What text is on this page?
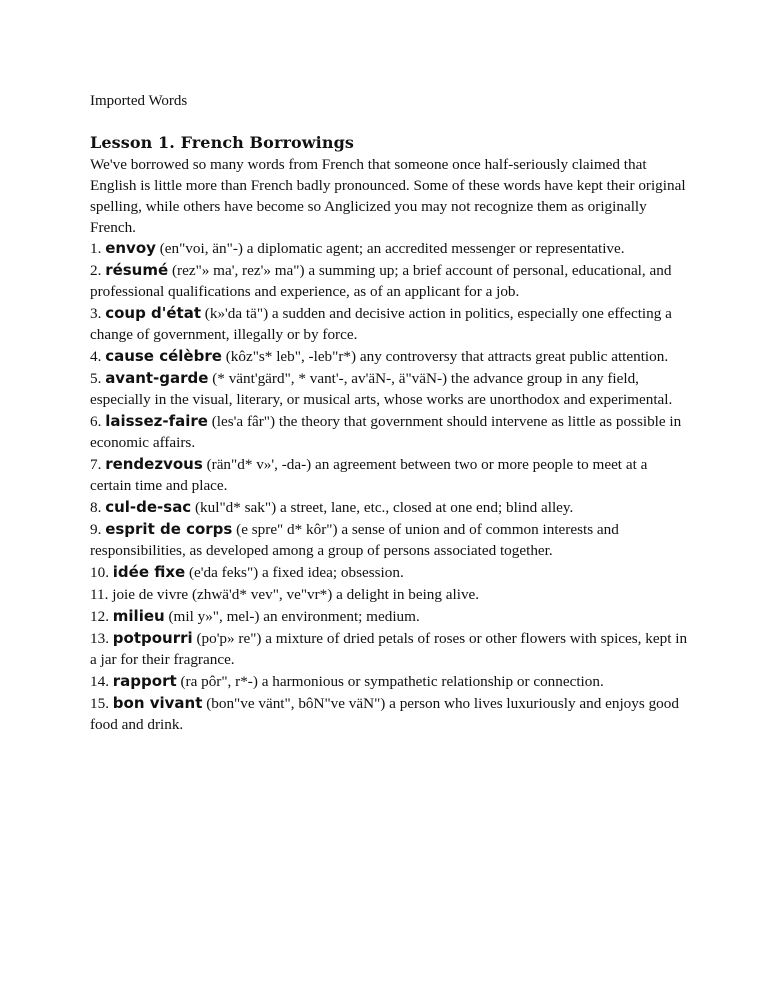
Imported Words

Lesson 1. French Borrowings

We've borrowed so many words from French that someone once half-seriously claimed that English is little more than French badly pronounced. Some of these words have kept their original spelling, while others have become so Anglicized you may not recognize them as originally French.

1. envoy (en"voi, än"-) a diplomatic agent; an accredited messenger or representative.

2. résumé (rez"» ma', rez'» ma") a summing up; a brief account of personal, educational, and professional qualifications and experience, as of an applicant for a job.

3. coup d'état (k»'da tä") a sudden and decisive action in politics, especially one effecting a change of government, illegally or by force.

4. cause célèbre (kôz"s* leb", -leb"r*) any controversy that attracts great public attention.

5. avant-garde (* vänt'gärd", * vant'-, av'äN-, ä"väN-) the advance group in any field, especially in the visual, literary, or musical arts, whose works are unorthodox and experimental.

6. laissez-faire (les'a fâr") the theory that government should intervene as little as possible in economic affairs.

7. rendezvous (rän"d* v»', -da-) an agreement between two or more people to meet at a certain time and place.

8. cul-de-sac (kul"d* sak") a street, lane, etc., closed at one end; blind alley.

9. esprit de corps (e spre" d* kôr") a sense of union and of common interests and responsibilities, as developed among a group of persons associated together.

10. idée fixe (e'da feks") a fixed idea; obsession.

11. joie de vivre (zhwä'd* vev", ve"vr*) a delight in being alive.

12. milieu (mil y»", mel-) an environment; medium.

13. potpourri (po'p» re") a mixture of dried petals of roses or other flowers with spices, kept in a jar for their fragrance.

14. rapport (ra pôr", r*-) a harmonious or sympathetic relationship or connection.

15. bon vivant (bon"ve vänt", bôN"ve väN") a person who lives luxuriously and enjoys good food and drink.
